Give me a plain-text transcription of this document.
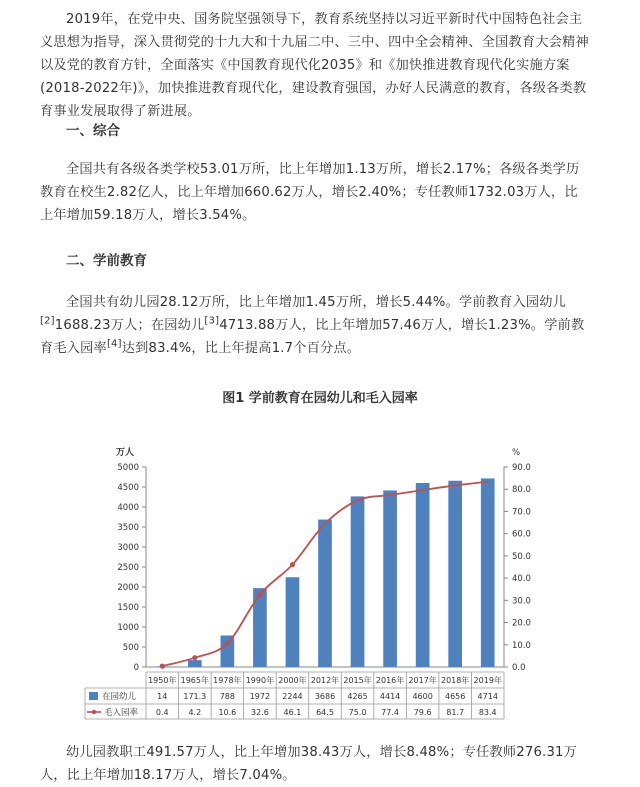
2019年，在党中央、国务院坚强领导下，教育系统坚持以习近平新时代中国特色社会主义思想为指导，深入贯彻党的十九大和十九届二中、三中、四中全会精神、全国教育大会精神以及党的教育方针，全面落实《中国教育现代化2035》和《加快推进教育现代化实施方案(2018-2022年)》，加快推进教育现代化，建设教育强国，办好人民满意的教育，各级各类教育事业发展取得了新进展。

一、综合

全国共有各级各类学校53.01万所，比上年增加1.13万所，增长2.17%；各级各类学历教育在校生2.82亿人，比上年增加660.62万人，增长2.40%；专任教师1732.03万人，比上年增加59.18万人，增长3.54%。

二、学前教育

全国共有幼儿园28.12万所，比上年增加1.45万所，增长5.44%。学前教育入园幼儿[2]1688.23万人；在园幼儿[3]4713.88万人，比上年增加57.46万人，增长1.23%。学前教育毛入园率[4]达到83.4%，比上年提高1.7个百分点。

图1 学前教育在园幼儿和毛入园率

0
500
1000
1500
2000
2500
3000
3500
4000
4500
5000
0.0
10.0
20.0
30.0
40.0
50.0
60.0
70.0
80.0
90.0
万人	%
1950年
14
0.4
1965年
171.3
4.2
1978年
788
10.6
1990年
1972
32.6
2000年
2244
46.1
2012年
3686
64.5
2015年
4265
75.0
2016年
4414
77.4
2017年
4600
79.6
2018年
4656
81.7
2019年
4714
83.4
在园幼儿
毛入园率

幼儿园教职工491.57万人，比上年增加38.43万人，增长8.48%；专任教师276.31万人，比上年增加18.17万人，增长7.04%。
